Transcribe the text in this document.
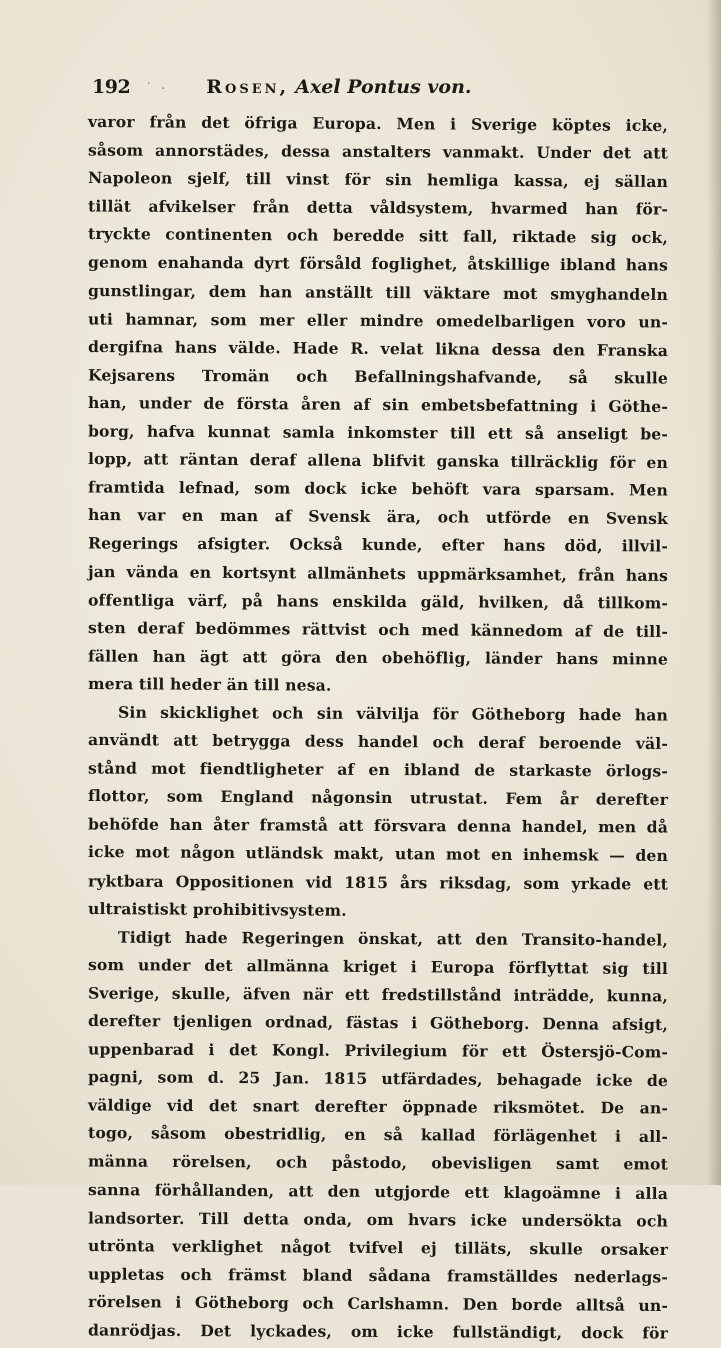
192   ˙  · Rosen, Axel Pontus von.
varor från det öfriga Europa. Men i Sverige köptes icke,
såsom annorstädes, dessa anstalters vanmakt. Under det att
Napoleon sjelf, till vinst för sin hemliga kassa, ej sällan
tillät afvikelser från detta våldsystem, hvarmed han för-
tryckte continenten och beredde sitt fall, riktade sig ock,
genom enahanda dyrt försåld foglighet, åtskillige ibland hans
gunstlingar, dem han anställt till väktare mot smyghandeln
uti hamnar, som mer eller mindre omedelbarligen voro un-
dergifna hans välde. Hade R. velat likna dessa den Franska
Kejsarens Tromän och Befallningshafvande, så skulle
han, under de första åren af sin embetsbefattning i Göthe-
borg, hafva kunnat samla inkomster till ett så anseligt be-
lopp, att räntan deraf allena blifvit ganska tillräcklig för en
framtida lefnad, som dock icke behöft vara sparsam. Men
han var en man af Svensk ära, och utförde en Svensk
Regerings afsigter. Också kunde, efter hans död, illvil-
jan vända en kortsynt allmänhets uppmärksamhet, från hans
offentliga värf, på hans enskilda gäld, hvilken, då tillkom-
sten deraf bedömmes rättvist och med kännedom af de till-
fällen han ägt att göra den obehöflig, länder hans minne
mera till heder än till nesa.
Sin skicklighet och sin välvilja för Götheborg hade han
användt att betrygga dess handel och deraf beroende väl-
stånd mot fiendtligheter af en ibland de starkaste örlogs-
flottor, som England någonsin utrustat. Fem år derefter
behöfde han åter framstå att försvara denna handel, men då
icke mot någon utländsk makt, utan mot en inhemsk — den
ryktbara Oppositionen vid 1815 års riksdag, som yrkade ett
ultraistiskt prohibitivsystem.
Tidigt hade Regeringen önskat, att den Transito-handel,
som under det allmänna kriget i Europa förflyttat sig till
Sverige, skulle, äfven när ett fredstillstånd inträdde, kunna,
derefter tjenligen ordnad, fästas i Götheborg. Denna afsigt,
uppenbarad i det Kongl. Privilegium för ett Östersjö-Com-
pagni, som d. 25 Jan. 1815 utfärdades, behagade icke de
väldige vid det snart derefter öppnade riksmötet. De an-
togo, såsom obestridlig, en så kallad förlägenhet i all-
männa rörelsen, och påstodo, obevisligen samt emot
sanna förhållanden, att den utgjorde ett klagoämne i alla
landsorter. Till detta onda, om hvars icke undersökta och
utrönta verklighet något tvifvel ej tilläts, skulle orsaker
uppletas och främst bland sådana framställdes nederlags-
rörelsen i Götheborg och Carlshamn. Den borde alltså un-
danrödjas. Det lyckades, om icke fullständigt, dock för
